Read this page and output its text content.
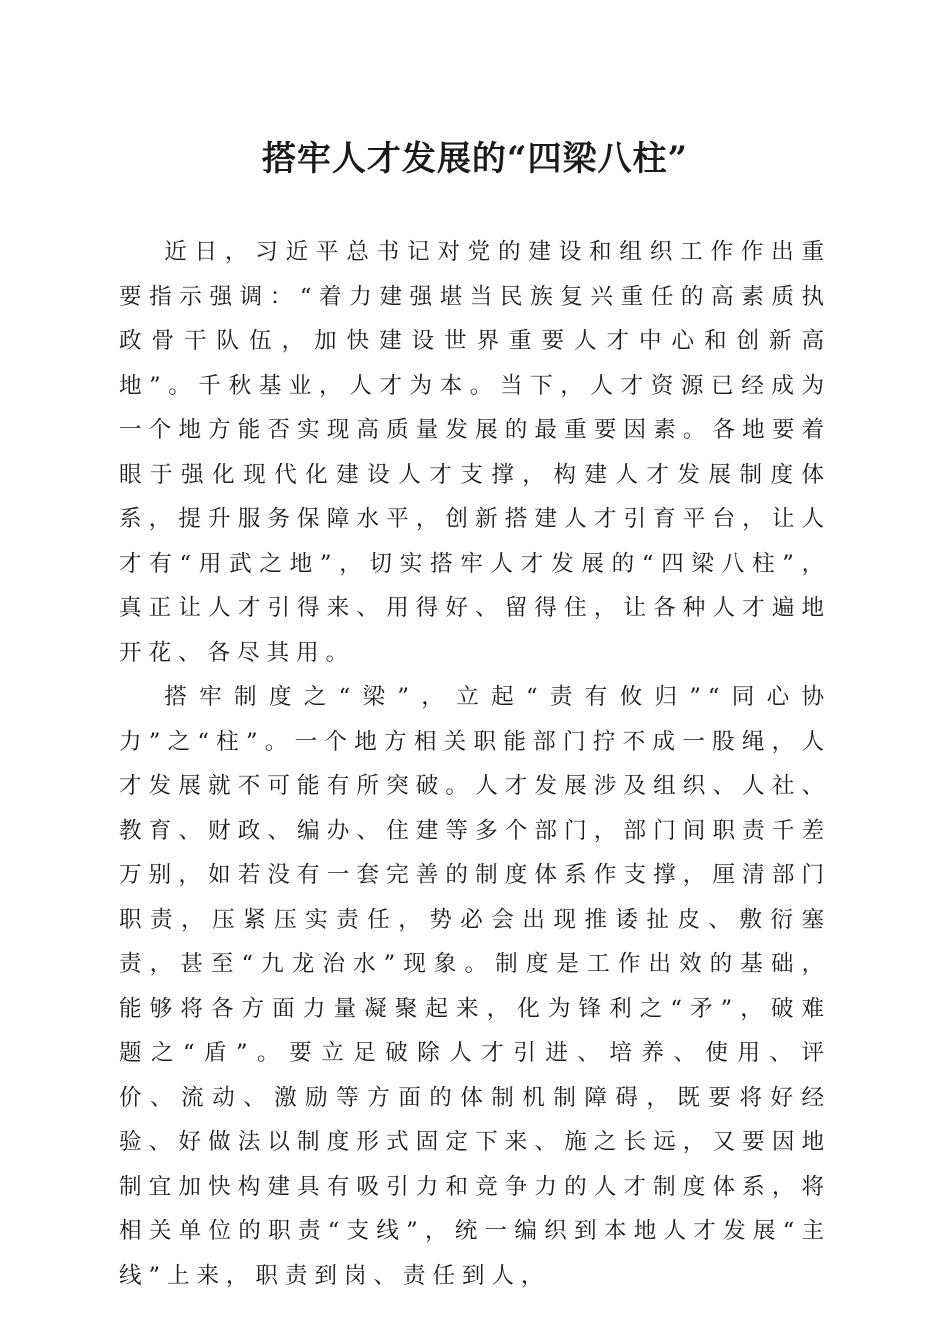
搭牢人才发展的“四梁八柱”

近日，习近平总书记对党的建设和组织工作作出重要指示强调：“着力建强堪当民族复兴重任的高素质执政骨干队伍，加快建设世界重要人才中心和创新高地”。千秋基业，人才为本。当下，人才资源已经成为一个地方能否实现高质量发展的最重要因素。各地要着眼于强化现代化建设人才支撑，构建人才发展制度体系，提升服务保障水平，创新搭建人才引育平台，让人才有“用武之地”，切实搭牢人才发展的“四梁八柱”，真正让人才引得来、用得好、留得住，让各种人才遍地开花、各尽其用。

搭牢制度之“梁”，立起“责有攸归”“同心协力”之“柱”。一个地方相关职能部门拧不成一股绳，人才发展就不可能有所突破。人才发展涉及组织、人社、教育、财政、编办、住建等多个部门，部门间职责千差万别，如若没有一套完善的制度体系作支撑，厘清部门职责，压紧压实责任，势必会出现推诿扯皮、敷衍塞责，甚至“九龙治水”现象。制度是工作出效的基础，能够将各方面力量凝聚起来，化为锋利之“矛”，破难题之“盾”。要立足破除人才引进、培养、使用、评价、流动、激励等方面的体制机制障碍，既要将好经验、好做法以制度形式固定下来、施之长远，又要因地制宜加快构建具有吸引力和竞争力的人才制度体系，将相关单位的职责“支线”，统一编织到本地人才发展“主线”上来，职责到岗、责任到人，
